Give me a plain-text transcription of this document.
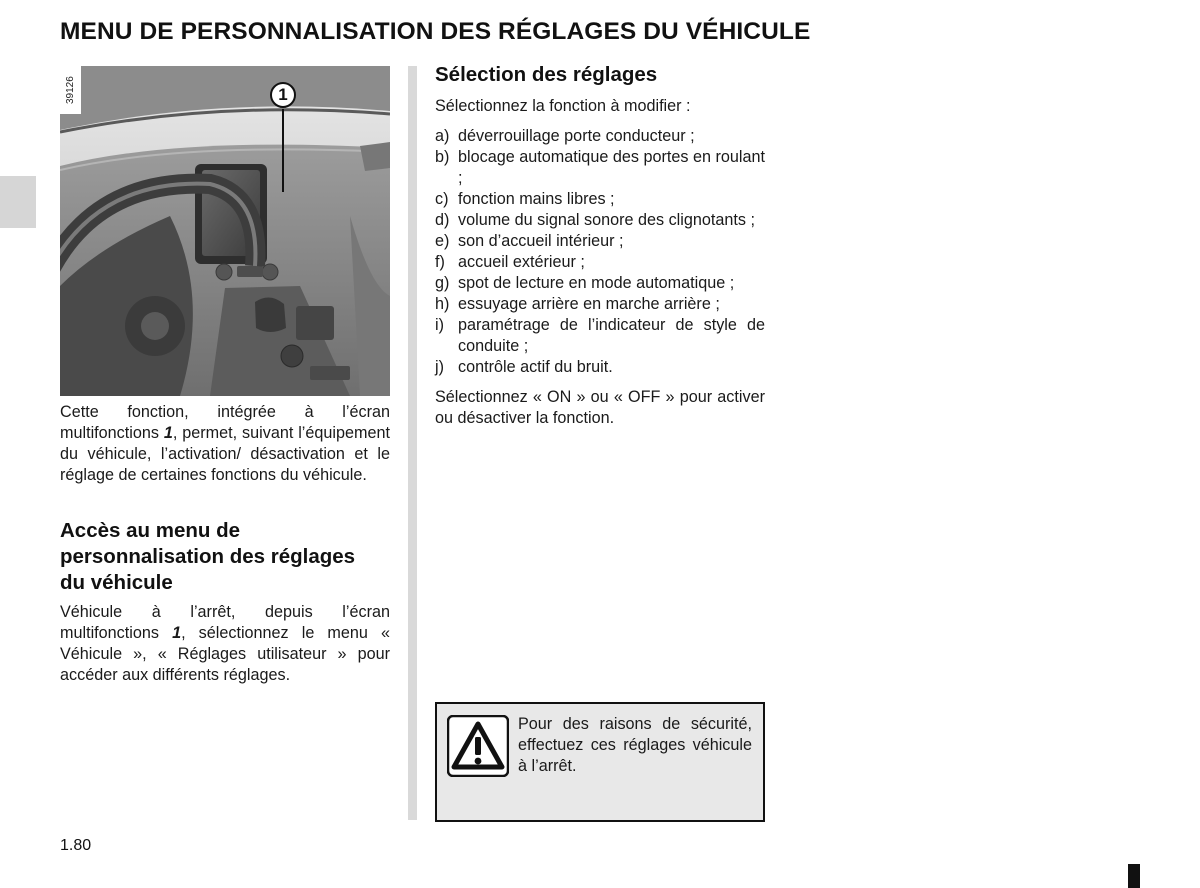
MENU DE PERSONNALISATION DES RÉGLAGES DU VÉHICULE
39126	1

Cette fonction, intégrée à l’écran multifonctions 1, permet, suivant l’équipement du véhicule, l’activation/ désactivation et le réglage de certaines fonctions du véhicule.

Accès au menu de personnalisation des réglages du véhicule

Véhicule à l’arrêt, depuis l’écran multifonctions 1, sélectionnez le menu « Véhicule », « Réglages utilisateur » pour accéder aux différents réglages.

Sélection des réglages

Sélectionnez la fonction à modifier :

a) déverrouillage porte conducteur ;
b) blocage automatique des portes en roulant ;
c) fonction mains libres ;
d) volume du signal sonore des clignotants ;
e) son d’accueil intérieur ;
f) accueil extérieur ;
g) spot de lecture en mode automatique ;
h) essuyage arrière en marche arrière ;
i) paramétrage de l’indicateur de style de conduite ;
j) contrôle actif du bruit.

Sélectionnez « ON » ou « OFF » pour activer ou désactiver la fonction.

Pour des raisons de sécurité, effectuez ces réglages véhicule à l’arrêt.
1.80
